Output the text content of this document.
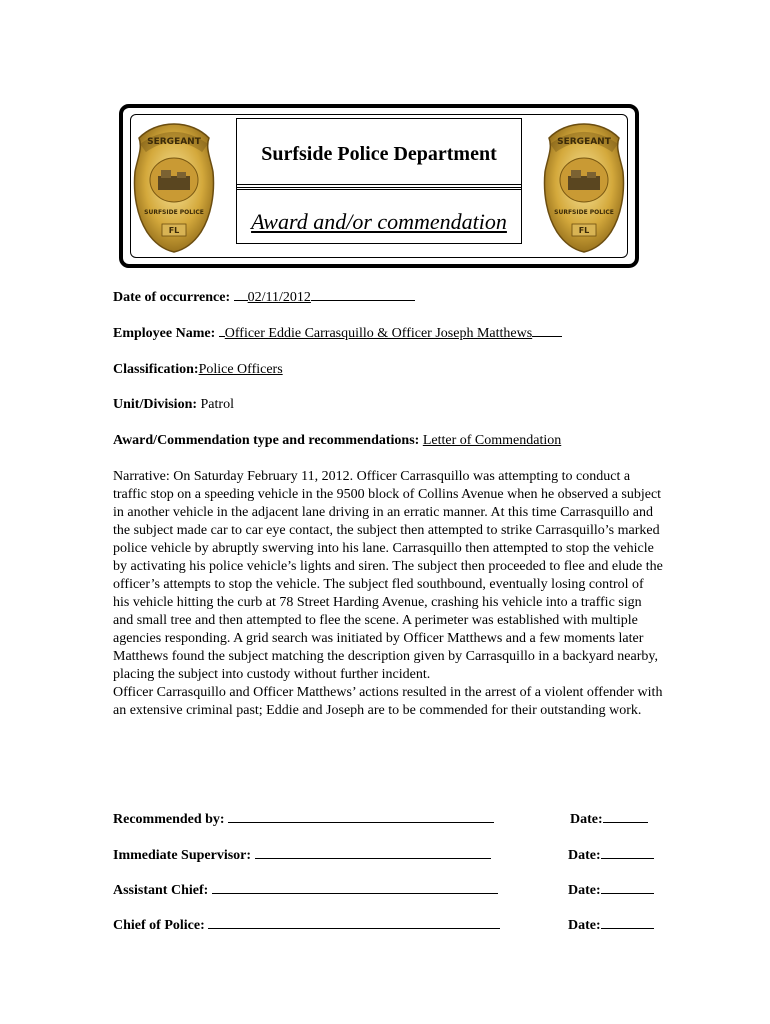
SERGEANT
SURFSIDE POLICE
FL
Surfside Police Department
Award and/or commendation
SERGEANT
SURFSIDE POLICE
FL
Date of occurrence: 02/11/2012
Employee Name: Officer Eddie Carrasquillo & Officer Joseph Matthews
Classification:Police Officers
Unit/Division: Patrol
Award/Commendation type and recommendations: Letter of Commendation

Narrative: On Saturday February 11, 2012. Officer Carrasquillo was attempting to conduct a traffic stop on a speeding vehicle in the 9500 block of Collins Avenue when he observed a subject in another vehicle in the adjacent lane driving in an erratic manner. At this time Carrasquillo and the subject made car to car eye contact, the subject then attempted to strike Carrasquillo’s marked police vehicle by abruptly swerving into his lane. Carrasquillo then attempted to stop the vehicle by activating his police vehicle’s lights and siren. The subject then proceeded to flee and elude the officer’s attempts to stop the vehicle. The subject fled southbound, eventually losing control of his vehicle hitting the curb at 78 Street Harding Avenue, crashing his vehicle into a traffic sign and small tree and then attempted to flee the scene. A perimeter was established with multiple agencies responding. A grid search was initiated by Officer Matthews and a few moments later Matthews found the subject matching the description given by Carrasquillo in a backyard nearby, placing the subject into custody without further incident.

Officer Carrasquillo and Officer Matthews’ actions resulted in the arrest of a violent offender with an extensive criminal past; Eddie and Joseph are to be commended for their outstanding work.

Recommended by:	Date:
Immediate Supervisor:	Date:
Assistant Chief:	Date:
Chief of Police:	Date:
